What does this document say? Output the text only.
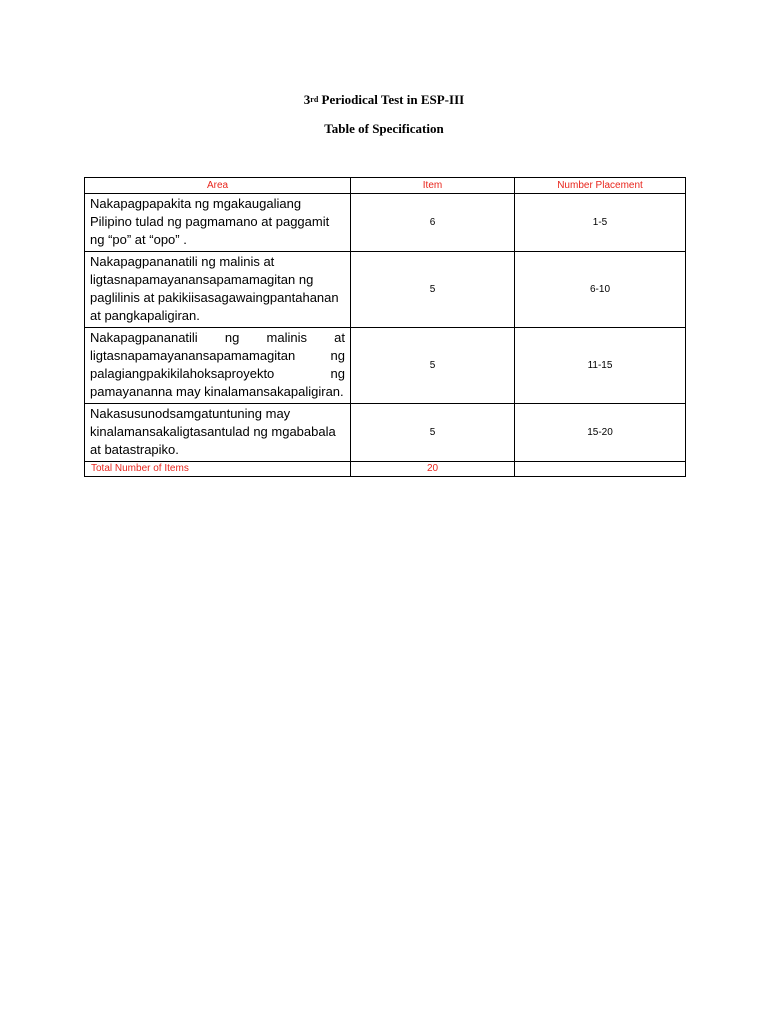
$^{3rd}$ Periodical Test in ESP-III
Table of Specification
Area	Item	Number Placement
Nakapagpapakita ng mgakaugaliang Pilipino tulad ng pagmamano at paggamit ng “po” at “opo” .	6	1-5
Nakapagpananatili ng malinis at ligtasnapamayanansapamamagitan ng paglilinis at pakikiisasagawaingpantahanan at pangkapaligiran.	5	6-10
Nakapagpananatili ng malinis at ligtasnapamayanansapamamagitan ng palagiangpakikilahoksaproyekto ng pamayananna may kinalamansakapaligiran.	5	11-15
Nakasusunodsamgatuntuning may kinalamansakaligtasantulad ng mgababala at batastrapiko.	5	15-20
Total Number of Items	20	
